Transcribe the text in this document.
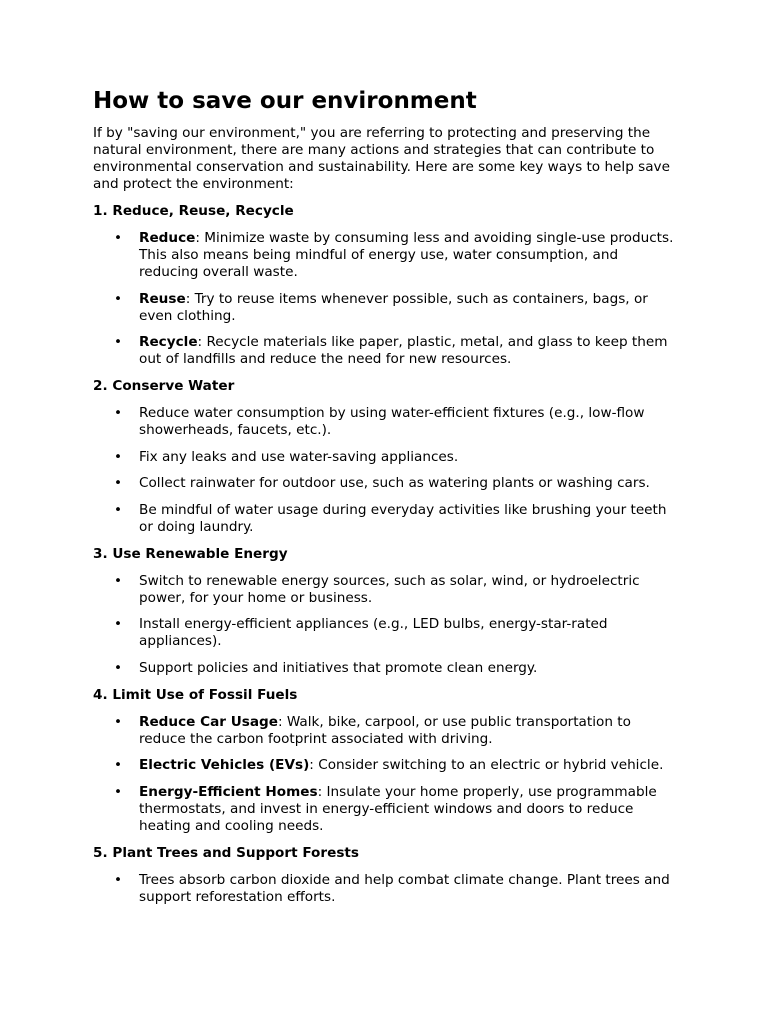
How to save our environment

If by "saving our environment," you are referring to protecting and preserving the natural environment, there are many actions and strategies that can contribute to environmental conservation and sustainability. Here are some key ways to help save and protect the environment:

1. Reduce, Reuse, Recycle
• Reduce: Minimize waste by consuming less and avoiding single-use products. This also means being mindful of energy use, water consumption, and reducing overall waste.
• Reuse: Try to reuse items whenever possible, such as containers, bags, or even clothing.
• Recycle: Recycle materials like paper, plastic, metal, and glass to keep them out of landfills and reduce the need for new resources.
2. Conserve Water
• Reduce water consumption by using water-efficient fixtures (e.g., low-flow showerheads, faucets, etc.).
• Fix any leaks and use water-saving appliances.
• Collect rainwater for outdoor use, such as watering plants or washing cars.
• Be mindful of water usage during everyday activities like brushing your teeth or doing laundry.
3. Use Renewable Energy
• Switch to renewable energy sources, such as solar, wind, or hydroelectric power, for your home or business.
• Install energy-efficient appliances (e.g., LED bulbs, energy-star-rated appliances).
• Support policies and initiatives that promote clean energy.
4. Limit Use of Fossil Fuels
• Reduce Car Usage: Walk, bike, carpool, or use public transportation to reduce the carbon footprint associated with driving.
• Electric Vehicles (EVs): Consider switching to an electric or hybrid vehicle.
• Energy-Efficient Homes: Insulate your home properly, use programmable thermostats, and invest in energy-efficient windows and doors to reduce heating and cooling needs.
5. Plant Trees and Support Forests
• Trees absorb carbon dioxide and help combat climate change. Plant trees and support reforestation efforts.
